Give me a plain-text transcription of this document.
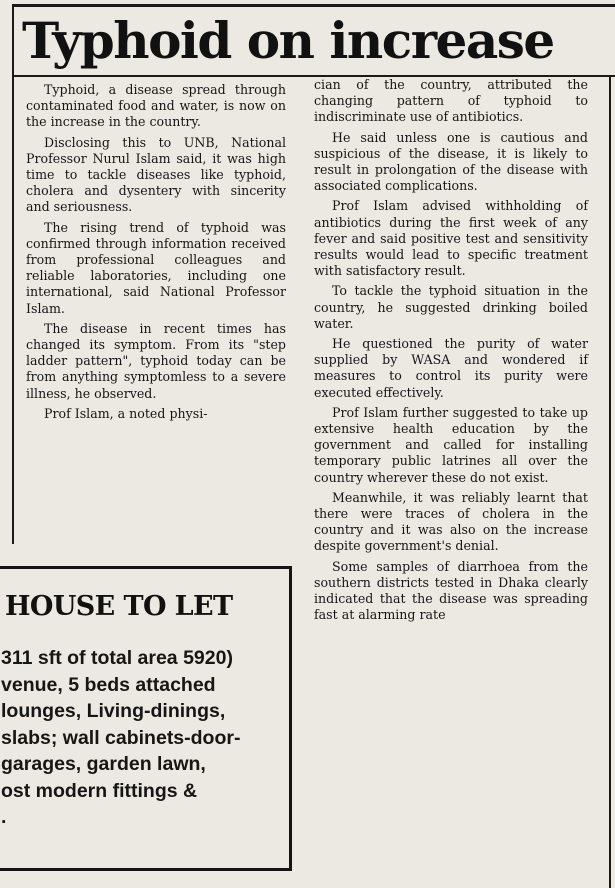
Typhoid on increase

Typhoid, a disease spread through contaminated food and water, is now on the increase in the country.

Disclosing this to UNB, National Professor Nurul Islam said, it was high time to tackle diseases like typhoid, cholera and dysentery with sincerity and seriousness.

The rising trend of typhoid was confirmed through information received from professional colleagues and reliable laboratories, including one international, said National Professor Islam.

The disease in recent times has changed its symptom. From its "step ladder pattern", typhoid today can be from anything symptomless to a severe illness, he observed.

Prof Islam, a noted physi-

cian of the country, attributed the changing pattern of typhoid to indiscriminate use of antibiotics.

He said unless one is cautious and suspicious of the disease, it is likely to result in prolongation of the disease with associated complications.

Prof Islam advised withholding of antibiotics during the first week of any fever and said positive test and sensitivity results would lead to specific treatment with satisfactory result.

To tackle the typhoid situation in the country, he suggested drinking boiled water.

He questioned the purity of water supplied by WASA and wondered if measures to control its purity were executed effectively.

Prof Islam further suggested to take up extensive health education by the government and called for installing temporary public latrines all over the country wherever these do not exist.

Meanwhile, it was reliably learnt that there were traces of cholera in the country and it was also on the increase despite government's denial.

Some samples of diarrhoea from the southern districts tested in Dhaka clearly indicated that the disease was spreading fast at alarming rate

HOUSE TO LET
311 sft of total area 5920)
venue, 5 beds attached
lounges, Living-dinings,
slabs; wall cabinets-door-
garages, garden lawn,
ost modern fittings &
.
